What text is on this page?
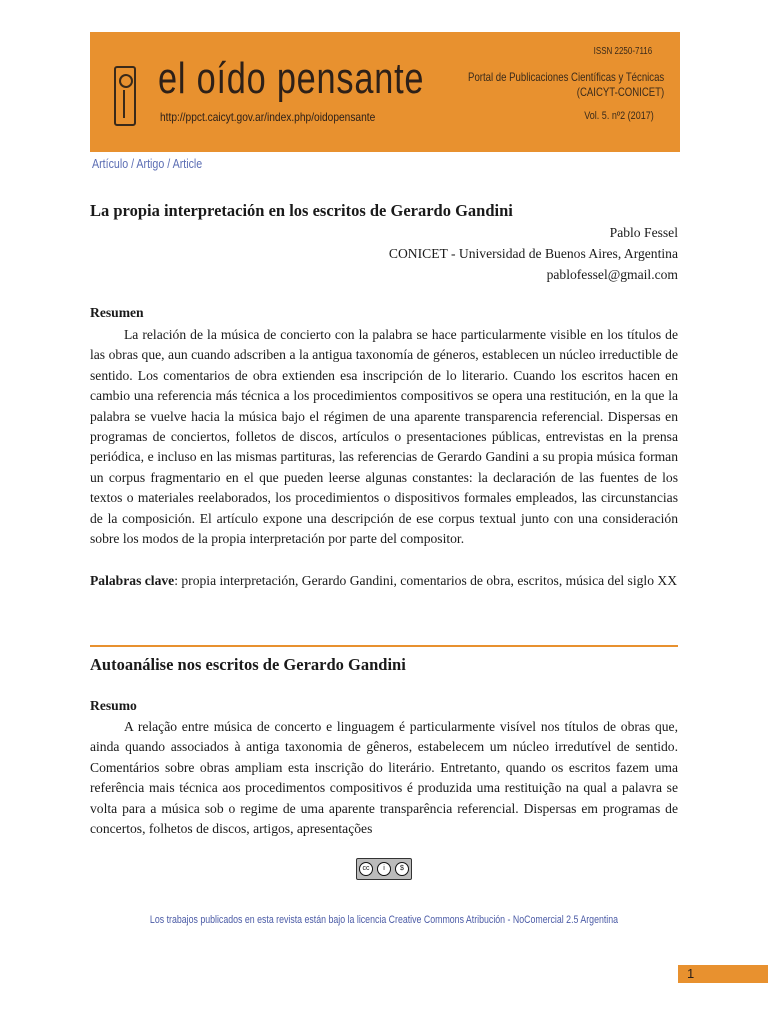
el oído pensante
http://ppct.caicyt.gov.ar/index.php/oidopensante
ISSN 2250-7116
Portal de Publicaciones Científicas y Técnicas
(CAICYT-CONICET)
Vol. 5. nº2 (2017)
Artículo / Artigo / Article
La propia interpretación en los escritos de Gerardo Gandini
Pablo Fessel
CONICET - Universidad de Buenos Aires, Argentina
pablofessel@gmail.com
Resumen
La relación de la música de concierto con la palabra se hace particularmente visible en los títulos de las obras que, aun cuando adscriben a la antigua taxonomía de géneros, establecen un núcleo irreductible de sentido. Los comentarios de obra extienden esa inscripción de lo literario. Cuando los escritos hacen en cambio una referencia más técnica a los procedimientos compositivos se opera una restitución, en la que la palabra se vuelve hacia la música bajo el régimen de una aparente transparencia referencial. Dispersas en programas de conciertos, folletos de discos, artículos o presentaciones públicas, entrevistas en la prensa periódica, e incluso en las mismas partituras, las referencias de Gerardo Gandini a su propia música forman un corpus fragmentario en el que pueden leerse algunas constantes: la declaración de las fuentes de los textos o materiales reelaborados, los procedimientos o dispositivos formales empleados, las circunstancias de la composición. El artículo expone una descripción de ese corpus textual junto con una consideración sobre los modos de la propia interpretación por parte del compositor.
Palabras clave: propia interpretación, Gerardo Gandini, comentarios de obra, escritos, música del siglo XX
Autoanálise nos escritos de Gerardo Gandini
Resumo
A relação entre música de concerto e linguagem é particularmente visível nos títulos de obras que, ainda quando associados à antiga taxonomia de gêneros, estabelecem um núcleo irredutível de sentido. Comentários sobre obras ampliam esta inscrição do literário. Entretanto, quando os escritos fazem uma referência mais técnica aos procedimentos compositivos é produzida uma restituição na qual a palavra se volta para a música sob o regime de uma aparente transparência referencial. Dispersas em programas de concertos, folhetos de discos, artigos, apresentações
cc	i	$
Los trabajos publicados en esta revista están bajo la licencia Creative Commons Atribución - NoComercial 2.5 Argentina
1
